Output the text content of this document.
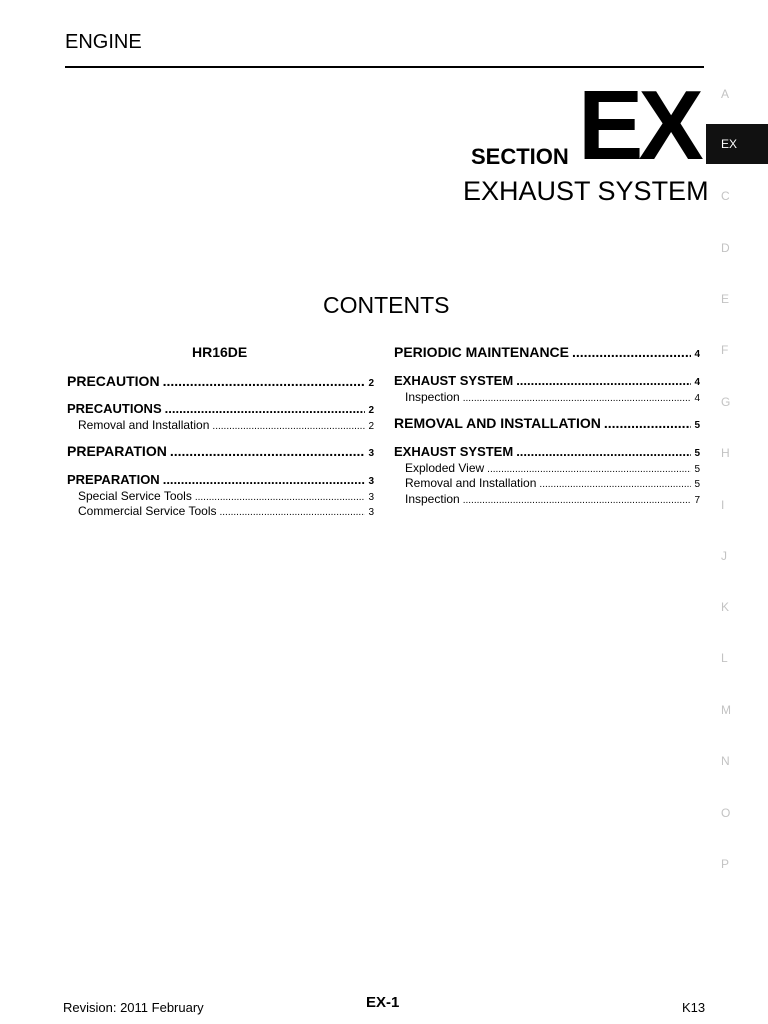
ENGINE
SECTION EX
EXHAUST SYSTEM
CONTENTS
HR16DE
PRECAUTION .....	2
PRECAUTIONS .....	2
Removal and Installation .....	2
PREPARATION .....	3
PREPARATION .....	3
Special Service Tools .....	3
Commercial Service Tools .....	3
PERIODIC MAINTENANCE .....	4
EXHAUST SYSTEM .....	4
Inspection .....	4
REMOVAL AND INSTALLATION .....	5
EXHAUST SYSTEM .....	5
Exploded View .....	5
Removal and Installation .....	5
Inspection .....	7
A
EX
C
D
E
F
G
H
I
J
K
L
M
N
O
P
Revision: 2011 February	EX-1	K13
